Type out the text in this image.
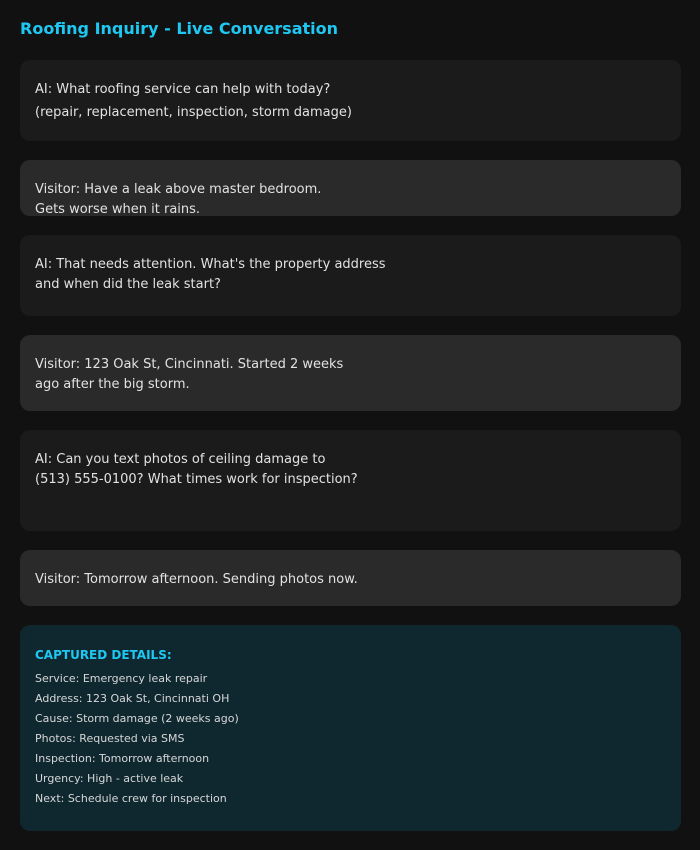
Roofing Inquiry - Live Conversation
AI: What roofing service can help with today?
(repair, replacement, inspection, storm damage)
Visitor: Have a leak above master bedroom.
Gets worse when it rains.
AI: That needs attention. What's the property address
and when did the leak start?
Visitor: 123 Oak St, Cincinnati. Started 2 weeks
ago after the big storm.
AI: Can you text photos of ceiling damage to
(513) 555-0100? What times work for inspection?
Visitor: Tomorrow afternoon. Sending photos now.
CAPTURED DETAILS:
Service: Emergency leak repair
Address: 123 Oak St, Cincinnati OH
Cause: Storm damage (2 weeks ago)
Photos: Requested via SMS
Inspection: Tomorrow afternoon
Urgency: High - active leak
Next: Schedule crew for inspection
